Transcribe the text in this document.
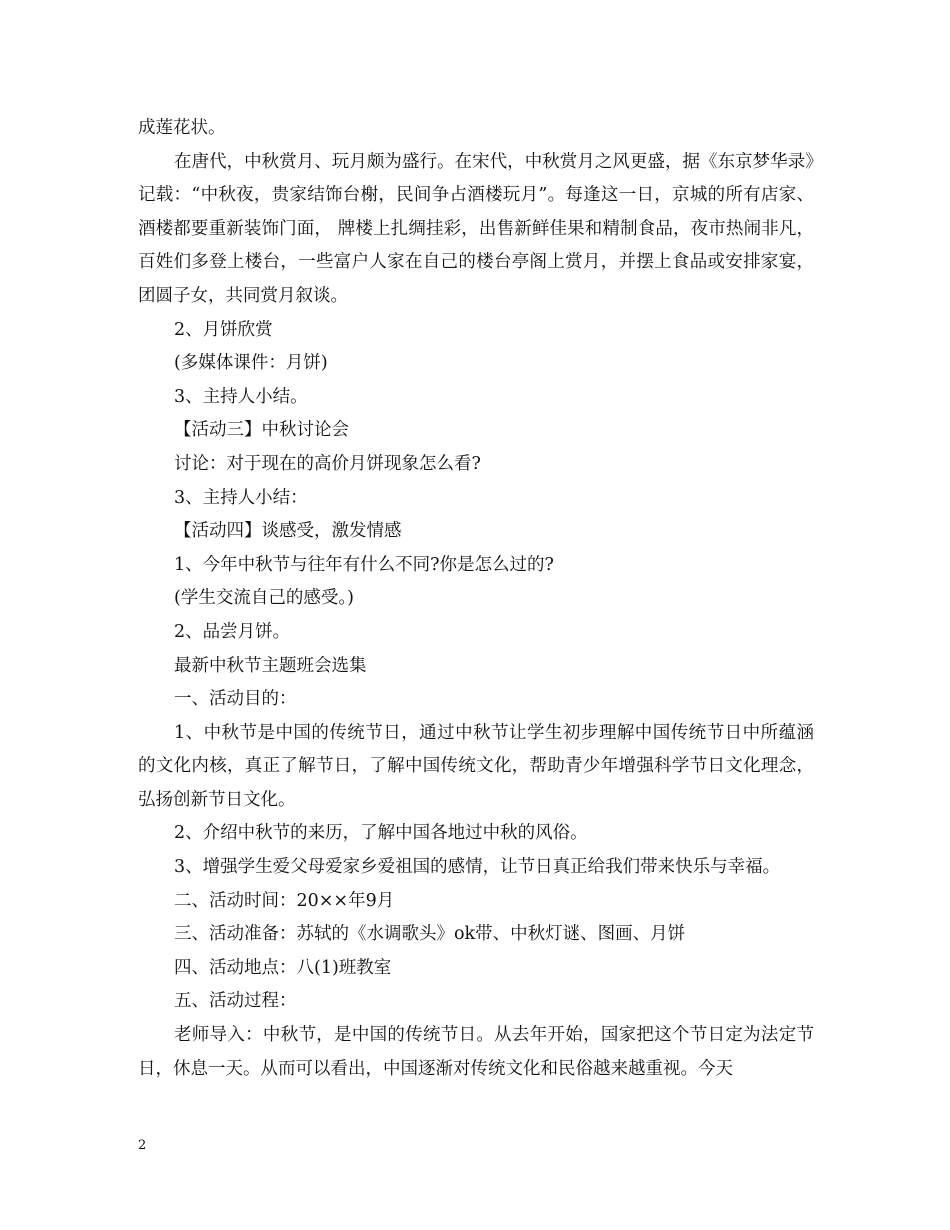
成莲花状。

在唐代，中秋赏月、玩月颇为盛行。在宋代，中秋赏月之风更盛，据《东京梦华录》记载：“中秋夜，贵家结饰台榭，民间争占酒楼玩月”。每逢这一日，京城的所有店家、酒楼都要重新装饰门面， 牌楼上扎绸挂彩，出售新鲜佳果和精制食品，夜市热闹非凡，百姓们多登上楼台，一些富户人家在自己的楼台亭阁上赏月，并摆上食品或安排家宴，团圆子女，共同赏月叙谈。

2、月饼欣赏

(多媒体课件：月饼)

3、主持人小结。

【活动三】中秋讨论会

讨论：对于现在的高价月饼现象怎么看?

3、主持人小结：

【活动四】谈感受，激发情感

1、今年中秋节与往年有什么不同?你是怎么过的?

(学生交流自己的感受。)

2、品尝月饼。

最新中秋节主题班会选集

一、活动目的：

1、中秋节是中国的传统节日，通过中秋节让学生初步理解中国传统节日中所蕴涵的文化内核，真正了解节日，了解中国传统文化，帮助青少年增强科学节日文化理念，弘扬创新节日文化。

2、介绍中秋节的来历，了解中国各地过中秋的风俗。

3、增强学生爱父母爱家乡爱祖国的感情，让节日真正给我们带来快乐与幸福。

二、活动时间：20××年9月

三、活动准备：苏轼的《水调歌头》ok带、中秋灯谜、图画、月饼

四、活动地点：八(1)班教室

五、活动过程：

老师导入：中秋节，是中国的传统节日。从去年开始，国家把这个节日定为法定节日，休息一天。从而可以看出，中国逐渐对传统文化和民俗越来越重视。今天

2
